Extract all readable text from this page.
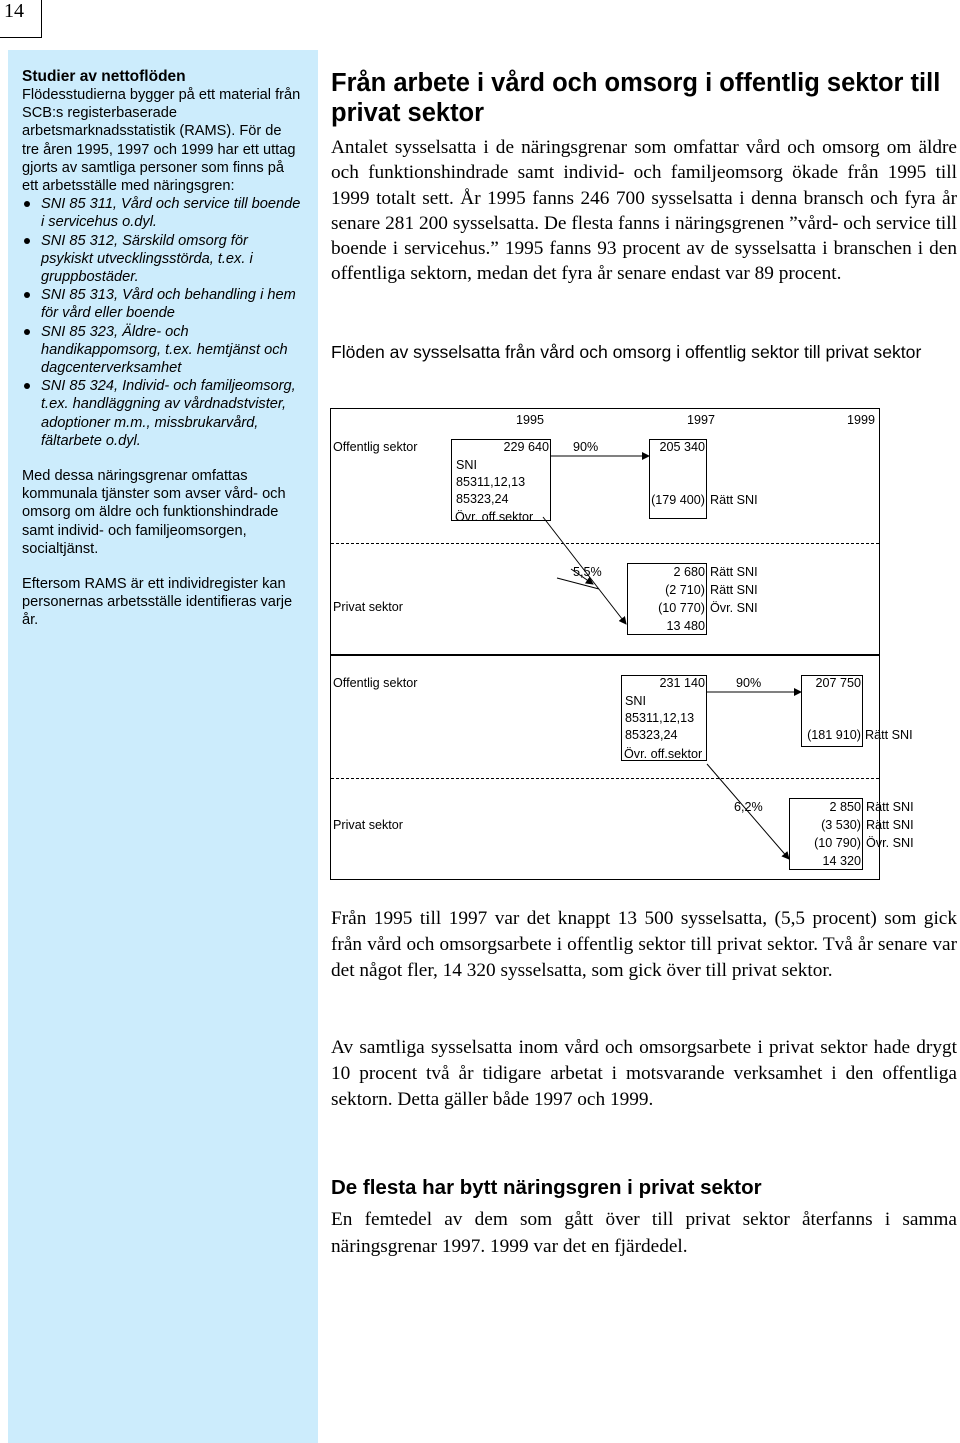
14
Studier av nettoflöden

Flödesstudierna bygger på ett material från SCB:s registerbaserade arbetsmarknadsstatistik (RAMS). För de tre åren 1995, 1997 och 1999 har ett uttag gjorts av samtliga personer som finns på ett arbetsställe med näringsgren:

SNI 85 311, Vård och service till boende i servicehus o.dyl.
SNI 85 312, Särskild omsorg för psykiskt utvecklingsstörda, t.ex. i gruppbostäder.
SNI 85 313, Vård och behandling i hem för vård eller boende
SNI 85 323, Äldre- och handikappomsorg, t.ex. hemtjänst och dagcenterverksamhet
SNI 85 324, Individ- och familjeomsorg, t.ex. handläggning av vårdnadstvister, adoptioner m.m., missbrukarvård, fältarbete o.dyl.

Med dessa näringsgrenar omfattas kommunala tjänster som avser vård- och omsorg om äldre och funktionshindrade samt individ- och familjeomsorgen, socialtjänst.

Eftersom RAMS är ett individregister kan personernas arbetsställe identifieras varje år.

Från arbete i vård och omsorg i offentlig sektor till privat sektor

Antalet sysselsatta i de näringsgrenar som omfattar vård och omsorg om äldre och funktionshindrade samt individ- och familjeomsorg ökade från 1995 till 1999 totalt sett. År 1995 fanns 246 700 sysselsatta i denna bransch och fyra år senare 281 200 sysselsatta. De flesta fanns i näringsgrenen ”vård- och service till boende i servicehus.” 1995 fanns 93 procent av de sysselsatta i branschen i den offentliga sektorn, medan det fyra år senare endast var 89 procent.

Flöden av sysselsatta från vård och omsorg i offentlig sektor till privat sektor

1995	1997	1999
Offentlig sektor	229 640
SNI
85311,12,13
85323,24
Övr. off.sektor
90%	205 340
(179 400) Rätt SNI
Privat sektor
5,5%	2 680 Rätt SNI
(2 710) Rätt SNI
(10 770) Övr. SNI
13 480
Offentlig sektor	231 140
SNI
85311,12,13
85323,24
Övr. off.sektor
90%	207 750
(181 910) Rätt SNI
Privat sektor
6,2%	2 850 Rätt SNI
(3 530) Rätt SNI
(10 790) Övr. SNI
14 320

Från 1995 till 1997 var det knappt 13 500 sysselsatta, (5,5 procent) som gick från vård och omsorgsarbete i offentlig sektor till privat sektor. Två år senare var det något fler, 14 320 sysselsatta, som gick över till privat sektor.

Av samtliga sysselsatta inom vård och omsorgsarbete i privat sektor hade drygt 10 procent två år tidigare arbetat i motsvarande verksamhet i den offentliga sektorn. Detta gäller både 1997 och 1999.

De flesta har bytt näringsgren i privat sektor

En femtedel av dem som gått över till privat sektor återfanns i samma näringsgrenar 1997. 1999 var det en fjärdedel.
